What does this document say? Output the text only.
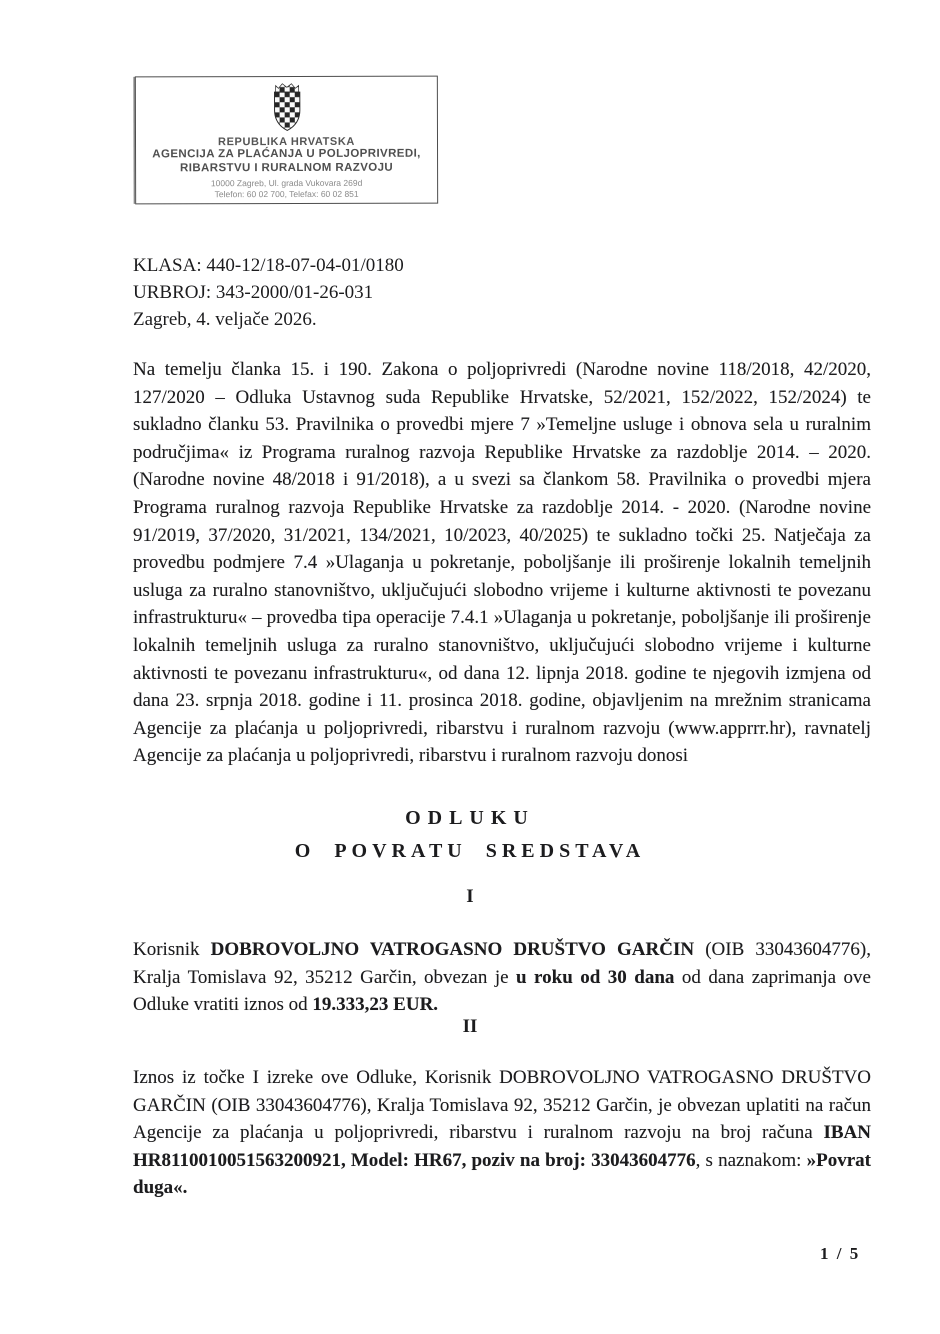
REPUBLIKA HRVATSKA
AGENCIJA ZA PLAĆANJA U POLJOPRIVREDI,
RIBARSTVU I RURALNOM RAZVOJU
10000 Zagreb, Ul. grada Vukovara 269d
Telefon: 60 02 700, Telefax: 60 02 851
KLASA: 440-12/18-07-04-01/0180
URBROJ: 343-2000/01-26-031
Zagreb, 4. veljače 2026.
Na temelju članka 15. i 190. Zakona o poljoprivredi (Narodne novine 118/2018, 42/2020, 127/2020 – Odluka Ustavnog suda Republike Hrvatske, 52/2021, 152/2022, 152/2024) te sukladno članku 53. Pravilnika o provedbi mjere 7 »Temeljne usluge i obnova sela u ruralnim područjima« iz Programa ruralnog razvoja Republike Hrvatske za razdoblje 2014. – 2020. (Narodne novine 48/2018 i 91/2018), a u svezi sa člankom 58. Pravilnika o provedbi mjera Programa ruralnog razvoja Republike Hrvatske za razdoblje 2014. - 2020. (Narodne novine 91/2019, 37/2020, 31/2021, 134/2021, 10/2023, 40/2025) te sukladno točki 25. Natječaja za provedbu podmjere 7.4 »Ulaganja u pokretanje, poboljšanje ili proširenje lokalnih temeljnih usluga za ruralno stanovništvo, uključujući slobodno vrijeme i kulturne aktivnosti te povezanu infrastrukturu« – provedba tipa operacije 7.4.1 »Ulaganja u pokretanje, poboljšanje ili proširenje lokalnih temeljnih usluga za ruralno stanovništvo, uključujući slobodno vrijeme i kulturne aktivnosti te povezanu infrastrukturu«, od dana 12. lipnja 2018. godine te njegovih izmjena od dana 23. srpnja 2018. godine i 11. prosinca 2018. godine, objavljenim na mrežnim stranicama Agencije za plaćanja u poljoprivredi, ribarstvu i ruralnom razvoju (www.apprrr.hr), ravnatelj Agencije za plaćanja u poljoprivredi, ribarstvu i ruralnom razvoju donosi
ODLUKU
O POVRATU SREDSTAVA
I
Korisnik DOBROVOLJNO VATROGASNO DRUŠTVO GARČIN (OIB 33043604776), Kralja Tomislava 92, 35212 Garčin, obvezan je u roku od 30 dana od dana zaprimanja ove Odluke vratiti iznos od 19.333,23 EUR.
II
Iznos iz točke I izreke ove Odluke, Korisnik DOBROVOLJNO VATROGASNO DRUŠTVO GARČIN (OIB 33043604776), Kralja Tomislava 92, 35212 Garčin, je obvezan uplatiti na račun Agencije za plaćanja u poljoprivredi, ribarstvu i ruralnom razvoju na broj računa IBAN HR8110010051563200921, Model: HR67, poziv na broj: 33043604776, s naznakom: »Povrat duga«.
1 / 5
